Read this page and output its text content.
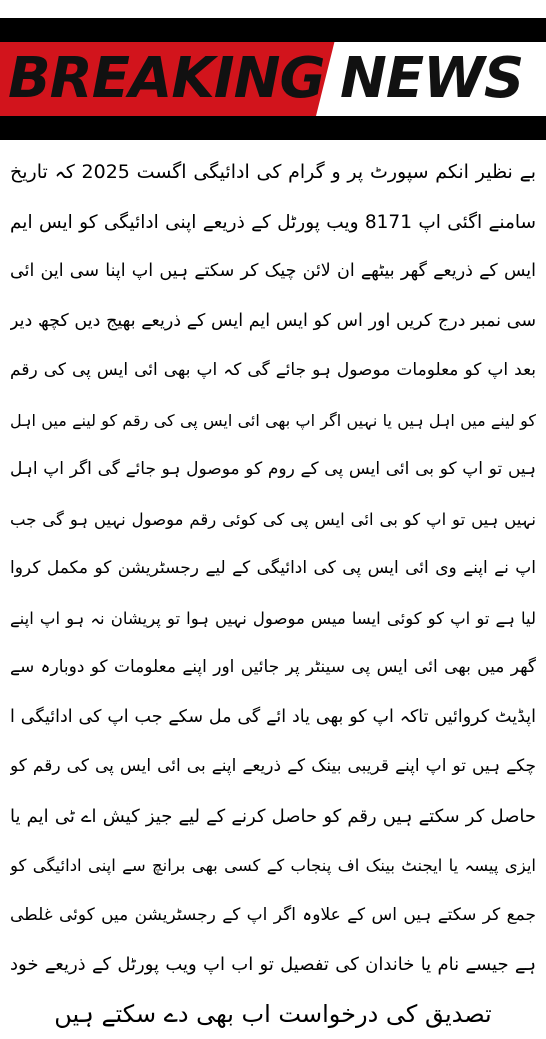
BREAKING NEWS
بے نظیر انکم سپورٹ پر و گرام کی ادائیگی اگست 2025 کہ تاریخ
سامنے اگئی اپ 8171 ویب پورٹل کے ذریعے اپنی ادائیگی کو ایس ایم
ایس کے ذریعے گھر بیٹھے ان لائن چیک کر سکتے ہیں اپ اپنا سی این ائی
سی نمبر درج کریں اور اس کو ایس ایم ایس کے ذریعے بھیج دیں کچھ دیر
بعد اپ کو معلومات موصول ہو جائے گی کہ اپ بھی ائی ایس پی کی رقم
کو لینے میں اہل ہیں یا نہیں اگر اپ بھی ائی ایس پی کی رقم کو لینے میں اہل
ہیں تو اپ کو بی ائی ایس پی کے روم کو موصول ہو جائے گی اگر اپ اہل
نہیں ہیں تو اپ کو بی ائی ایس پی کی کوئی رقم موصول نہیں ہو گی جب
اپ نے اپنے وی ائی ایس پی کی ادائیگی کے لیے رجسٹریشن کو مکمل کروا
لیا ہے تو اپ کو کوئی ایسا میس موصول نہیں ہوا تو پریشان نہ ہو اپ اپنے
گھر میں بھی ائی ایس پی سینٹر پر جائیں اور اپنے معلومات کو دوبارہ سے
اپڈیٹ کروائیں تاکہ اپ کو بھی یاد ائے گی مل سکے جب اپ کی ادائیگی ا
چکے ہیں تو اپ اپنے قریبی بینک کے ذریعے اپنے بی ائی ایس پی کی رقم کو
حاصل کر سکتے ہیں رقم کو حاصل کرنے کے لیے جیز کیش اے ٹی ایم یا
ایزی پیسہ یا ایجنٹ بینک اف پنجاب کے کسی بھی برانچ سے اپنی ادائیگی کو
جمع کر سکتے ہیں اس کے علاوہ اگر اپ کے رجسٹریشن میں کوئی غلطی
ہے جیسے نام یا خاندان کی تفصیل تو اب اپ ویب پورٹل کے ذریعے خود
تصدیق کی درخواست اب بھی دے سکتے ہیں
